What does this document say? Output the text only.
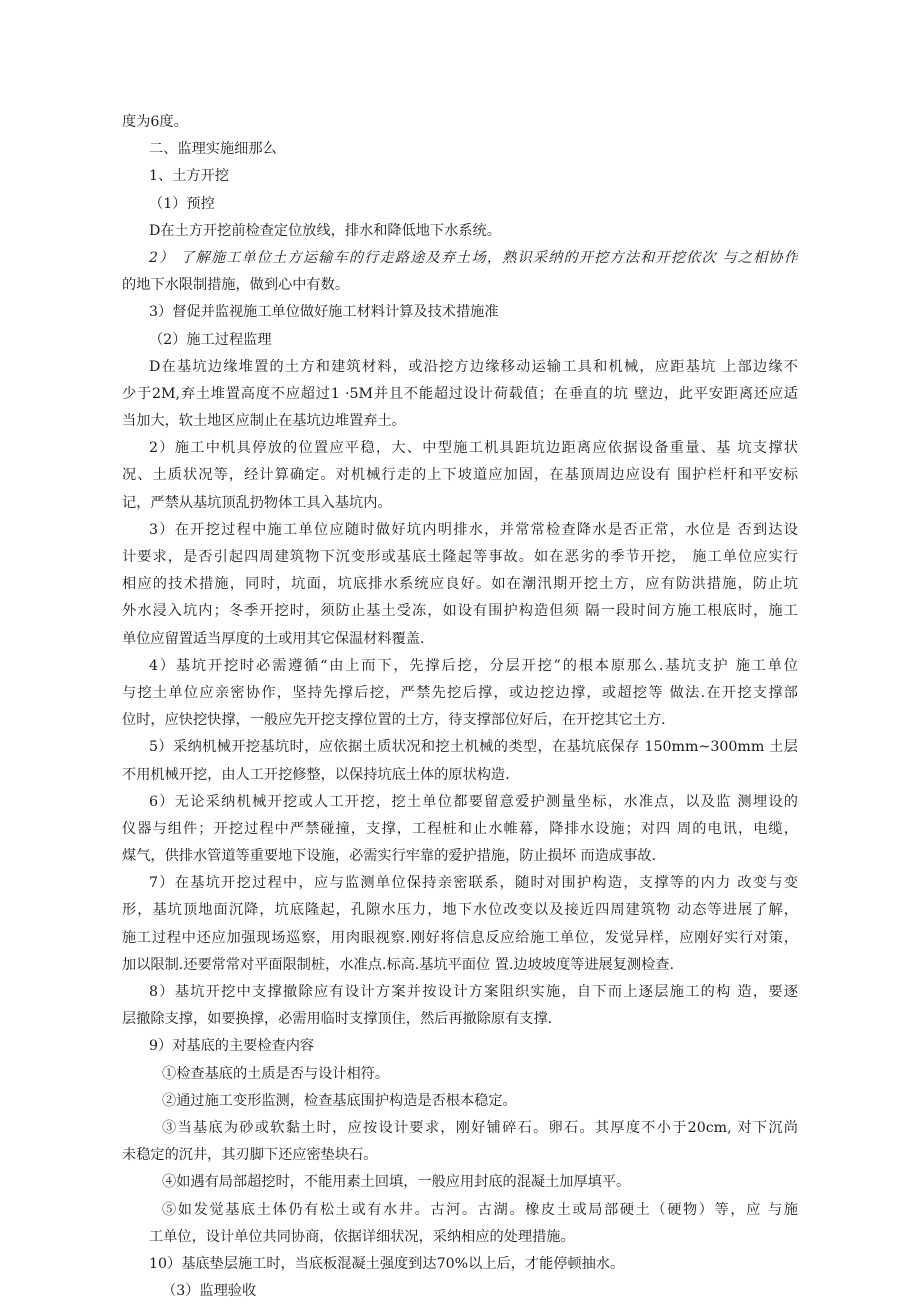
度为6度。
二、监理实施细那么
1、土方开挖
（1）预控
D在土方开挖前检查定位放线，排水和降低地下水系统。
2） 了解施工单位土方运输车的行走路途及弃土场，熟识采纳的开挖方法和开挖依次 与之相协作
的地下水限制措施，做到心中有数。
3）督促并监视施工单位做好施工材料计算及技术措施准
（2）施工过程监理
D在基坑边缘堆置的土方和建筑材料，或沿挖方边缘移动运输工具和机械，应距基坑 上部边缘不
少于2M,弃土堆置高度不应超过1 ·5M并且不能超过设计荷载值；在垂直的坑 壁边，此平安距离还应适
当加大，软土地区应制止在基坑边堆置弃土。
2）施工中机具停放的位置应平稳，大、中型施工机具距坑边距离应依据设备重量、基 坑支撑状
况、土质状况等，经计算确定。对机械行走的上下坡道应加固，在基顶周边应设有 围护栏杆和平安标
记，严禁从基坑顶乱扔物体工具入基坑内。
3）在开挖过程中施工单位应随时做好坑内明排水，并常常检查降水是否正常，水位是 否到达设
计要求，是否引起四周建筑物下沉变形或基底土隆起等事故。如在恶劣的季节开挖， 施工单位应实行
相应的技术措施，同时，坑面，坑底排水系统应良好。如在潮汛期开挖土方，应有防洪措施，防止坑
外水浸入坑内；冬季开挖时，须防止基土受冻，如设有围护构造但须 隔一段时间方施工根底时，施工
单位应留置适当厚度的土或用其它保温材料覆盖.
4）基坑开挖时必需遵循“由上而下，先撑后挖，分层开挖”的根本原那么.基坑支护 施工单位
与挖土单位应亲密协作，坚持先撑后挖，严禁先挖后撑，或边挖边撑，或超挖等 做法.在开挖支撑部
位时，应快挖快撑，一般应先开挖支撑位置的土方，待支撑部位好后，在开挖其它土方.
5）采纳机械开挖基坑时，应依据土质状况和挖土机械的类型，在基坑底保存 150mm~300mm 土层
不用机械开挖，由人工开挖修整，以保持坑底土体的原状构造.
6）无论采纳机械开挖或人工开挖，挖土单位都要留意爱护测量坐标，水准点，以及监 测埋设的
仪器与组件；开挖过程中严禁碰撞，支撑，工程桩和止水帷幕，降排水设施；对四 周的电讯，电缆，
煤气，供排水管道等重要地下设施，必需实行牢靠的爱护措施，防止损坏 而造成事故.
7）在基坑开挖过程中，应与监测单位保持亲密联系，随时对围护构造，支撑等的内力 改变与变
形，基坑顶地面沉降，坑底隆起，孔隙水压力，地下水位改变以及接近四周建筑物 动态等进展了解，
施工过程中还应加强现场巡察，用肉眼视察.刚好将信息反应给施工单位，发觉异样，应刚好实行对策，
加以限制.还要常常对平面限制桩，水准点.标高.基坑平面位 置.边坡坡度等进展复测检查.
8）基坑开挖中支撑撤除应有设计方案并按设计方案阻织实施，自下而上逐层施工的构 造，要逐
层撤除支撑，如要换撑，必需用临时支撑顶住，然后再撤除原有支撑.
9）对基底的主要检查内容
①检查基底的土质是否与设计相符。
②通过施工变形监测，检查基底围护构造是否根本稳定。
③当基底为砂或软黏土时，应按设计要求，刚好铺碎石。卵石。其厚度不小于20cm, 对下沉尚
未稳定的沉井，其刃脚下还应密垫块石。
④如遇有局部超挖时，不能用素土回填，一般应用封底的混凝土加厚填平。
⑤如发觉基底土体仍有松土或有水井。古河。古湖。橡皮土或局部硬土（硬物）等，应 与施
工单位，设计单位共同协商，依据详细状况，采纳相应的处理措施。
10）基底垫层施工时，当底板混凝土强度到达70%以上后，才能停顿抽水。
（3）监理验收
